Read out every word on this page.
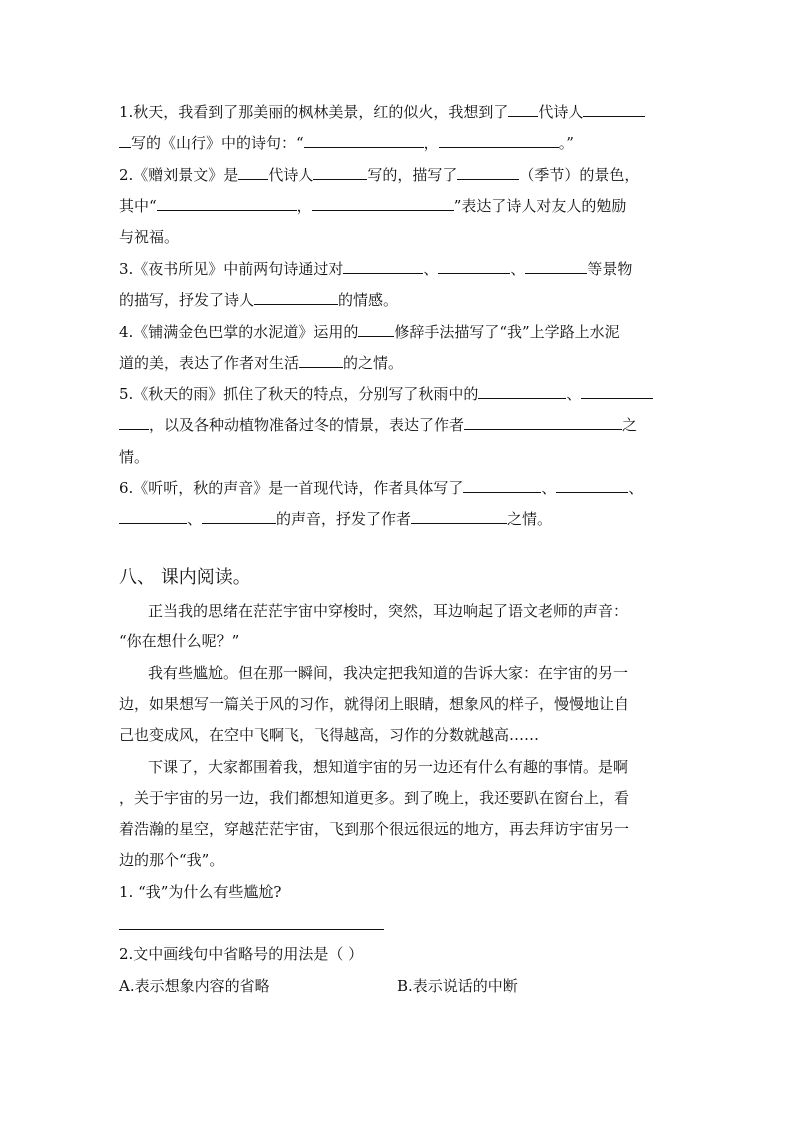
1.秋天，我看到了那美丽的枫林美景，红的似火，我想到了 代诗人
写的《山行》中的诗句：“	，	。”
2.《赠刘景文》是 代诗人	写的，描写了	（季节）的景色，
其中“	，	”表达了诗人对友人的勉励
与祝福。
3.《夜书所见》中前两句诗通过对	、	、	等景物
的描写，抒发了诗人	的情感。
4.《铺满金色巴掌的水泥道》运用的 修辞手法描写了“我”上学路上水泥
道的美，表达了作者对生活	的之情。
5.《秋天的雨》抓住了秋天的特点，分别写了秋雨中的	、
，以及各种动植物准备过冬的情景，表达了作者	之
情。
6.《听听，秋的声音》是一首现代诗，作者具体写了	、	、
、	的声音，抒发了作者	之情。
八、 课内阅读。
正当我的思绪在茫茫宇宙中穿梭时，突然，耳边响起了语文老师的声音：
“你在想什么呢？”
我有些尴尬。但在那一瞬间，我决定把我知道的告诉大家：在宇宙的另一
边，如果想写一篇关于风的习作，就得闭上眼睛，想象风的样子，慢慢地让自
己也变成风，在空中飞啊飞，飞得越高，习作的分数就越高……
下课了，大家都围着我，想知道宇宙的另一边还有什么有趣的事情。是啊
，关于宇宙的另一边，我们都想知道更多。到了晚上，我还要趴在窗台上，看
着浩瀚的星空，穿越茫茫宇宙，飞到那个很远很远的地方，再去拜访宇宙另一
边的那个“我”。
1. “我”为什么有些尴尬?
2.文中画线句中省略号的用法是（ ）
A.表示想象内容的省略	B.表示说话的中断
